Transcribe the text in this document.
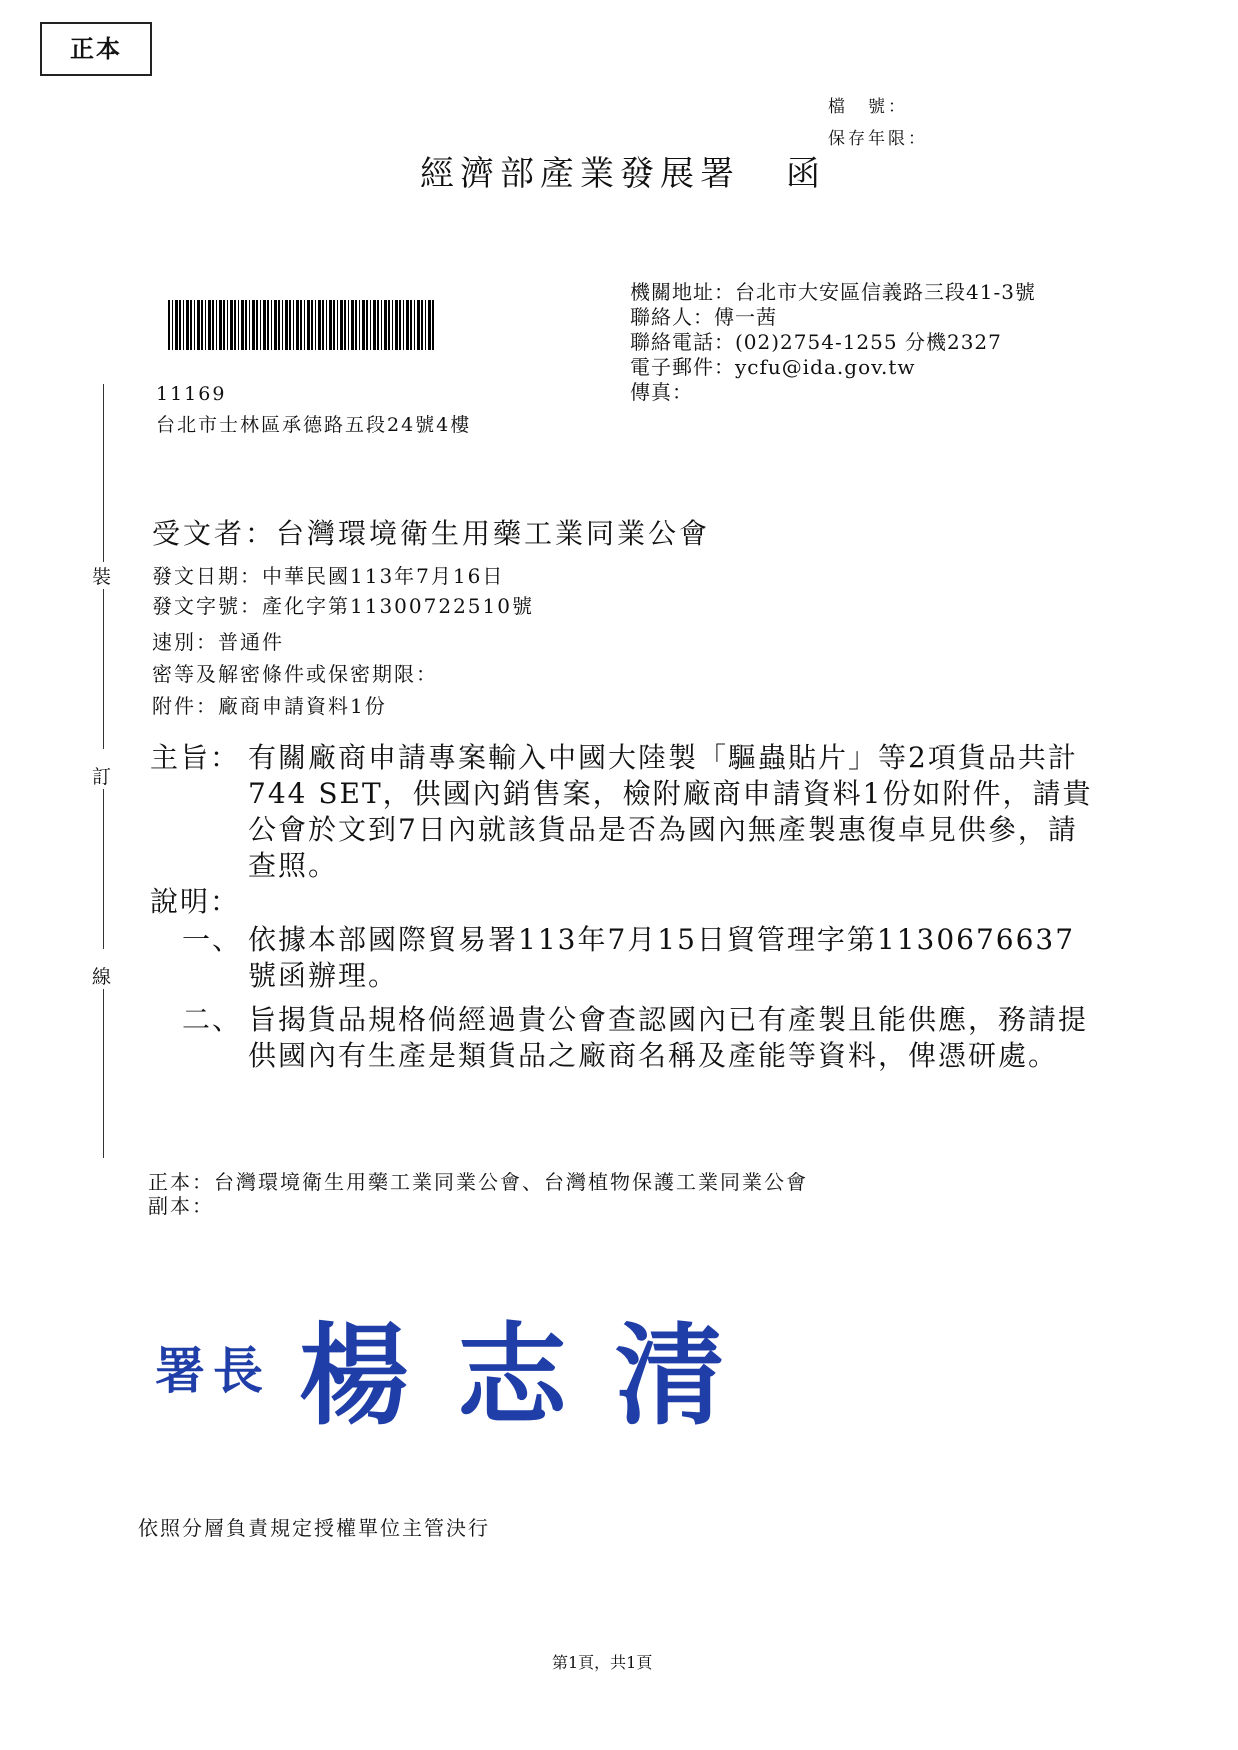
正本
檔　號：
保存年限：
經濟部產業發展署 函
機關地址：台北市大安區信義路三段41-3號
聯絡人：傅一茜
聯絡電話：(02)2754-1255 分機2327
電子郵件：ycfu@ida.gov.tw
傳真：
11169
台北市士林區承德路五段24號4樓
裝
訂
線
受文者：台灣環境衛生用藥工業同業公會
發文日期：中華民國113年7月16日
發文字號：產化字第11300722510號
速別：普通件
密等及解密條件或保密期限：
附件：廠商申請資料1份
主旨： 有關廠商申請專案輸入中國大陸製「驅蟲貼片」等2項貨品共計744 SET，供國內銷售案，檢附廠商申請資料1份如附件，請貴公會於文到7日內就該貨品是否為國內無產製惠復卓見供參，請查照。
說明：
一、 依據本部國際貿易署113年7月15日貿管理字第1130676637號函辦理。
二、 旨揭貨品規格倘經過貴公會查認國內已有產製且能供應，務請提供國內有生產是類貨品之廠商名稱及產能等資料，俾憑研處。
正本：台灣環境衛生用藥工業同業公會、台灣植物保護工業同業公會
副本：
署長 楊志清
依照分層負責規定授權單位主管決行
第1頁，共1頁
